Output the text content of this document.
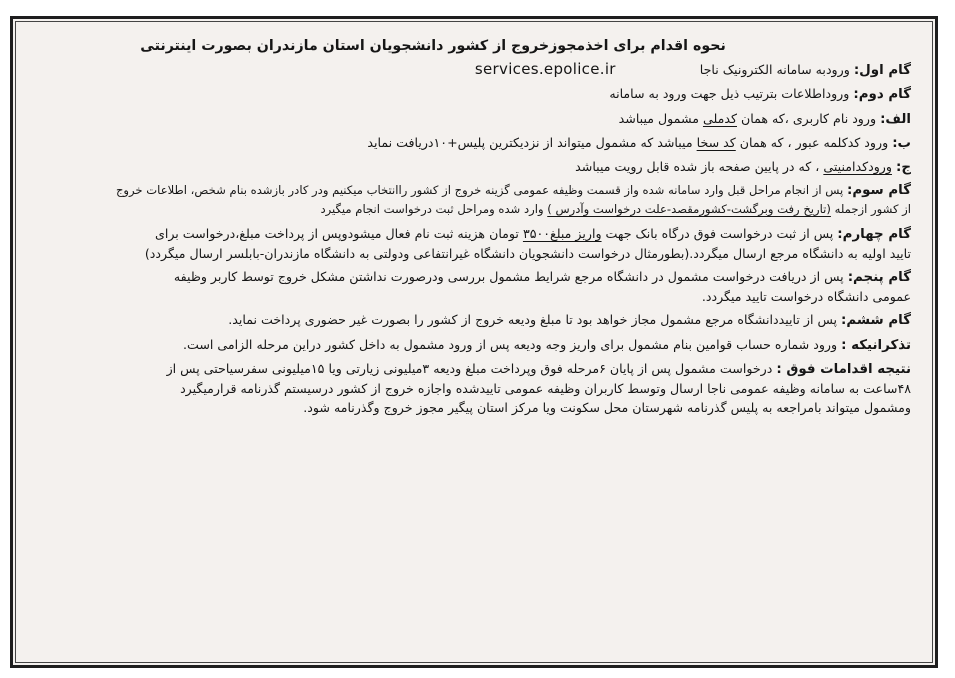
نحوه اقدام برای اخذمجوزخروج از کشور دانشجویان استان مازندران بصورت اینترنتی
گام اول: ورودبه سامانه الکترونیک ناجا services.epolice.ir
گام دوم: وروداطلاعات بترتیب ذیل جهت ورود به سامانه
الف: ورود نام کاربری ،که همان کدملی مشمول میباشد
ب: ورود کدکلمه عبور ، که همان کد سخا میباشد که مشمول میتواند از نزدیکترین پلیس+۱۰دریافت نماید
ج: ورودکدامنیتی ، که در پایین صفحه باز شده قابل رویت میباشد
گام سوم: پس از انجام مراحل قبل وارد سامانه شده واز قسمت وظیفه عمومی گزینه خروج از کشور راانتخاب میکنیم ودر کادر بازشده بنام شخص، اطلاعات خروج
از کشور ازجمله (تاریخ رفت وبرگشت-کشورمقصد-علت درخواست وآدرس ) وارد شده ومراحل ثبت درخواست انجام میگیرد
گام چهارم: پس از ثبت درخواست فوق درگاه بانک جهت واریز مبلغ۳۵۰۰ تومان هزینه ثبت نام فعال میشودوپس از پرداخت مبلغ،درخواست برای
تایید اولیه به دانشگاه مرجع ارسال میگردد.(بطورمثال درخواست دانشجویان دانشگاه غیرانتفاعی ودولتی به دانشگاه مازندران-بابلسر ارسال میگردد)
گام پنجم: پس از دریافت درخواست مشمول در دانشگاه مرجع شرایط مشمول بررسی ودرصورت نداشتن مشکل خروج توسط کاربر وظیفه
عمومی دانشگاه درخواست تایید میگردد.
گام ششم: پس از تاییددانشگاه مرجع مشمول مجاز خواهد بود تا مبلغ ودیعه خروج از کشور را بصورت غیر حضوری پرداخت نماید.
تذکرانیکه : ورود شماره حساب قوامین بنام مشمول برای واریز وجه ودیعه پس از ورود مشمول به داخل کشور دراین مرحله الزامی است.
نتیجه اقدامات فوق : درخواست مشمول پس از پایان ۶مرحله فوق وپرداخت مبلغ ودیعه ۳میلیونی زیارتی ویا ۱۵میلیونی سفرسیاحتی پس از
۴۸ساعت به سامانه وظیفه عمومی ناجا ارسال وتوسط کاربران وظیفه عمومی تاییدشده واجازه خروج از کشور درسیستم گذرنامه قرارمیگیرد
ومشمول میتواند بامراجعه به پلیس گذرنامه شهرستان محل سکونت ویا مرکز استان پیگیر مجوز خروج وگذرنامه شود.
